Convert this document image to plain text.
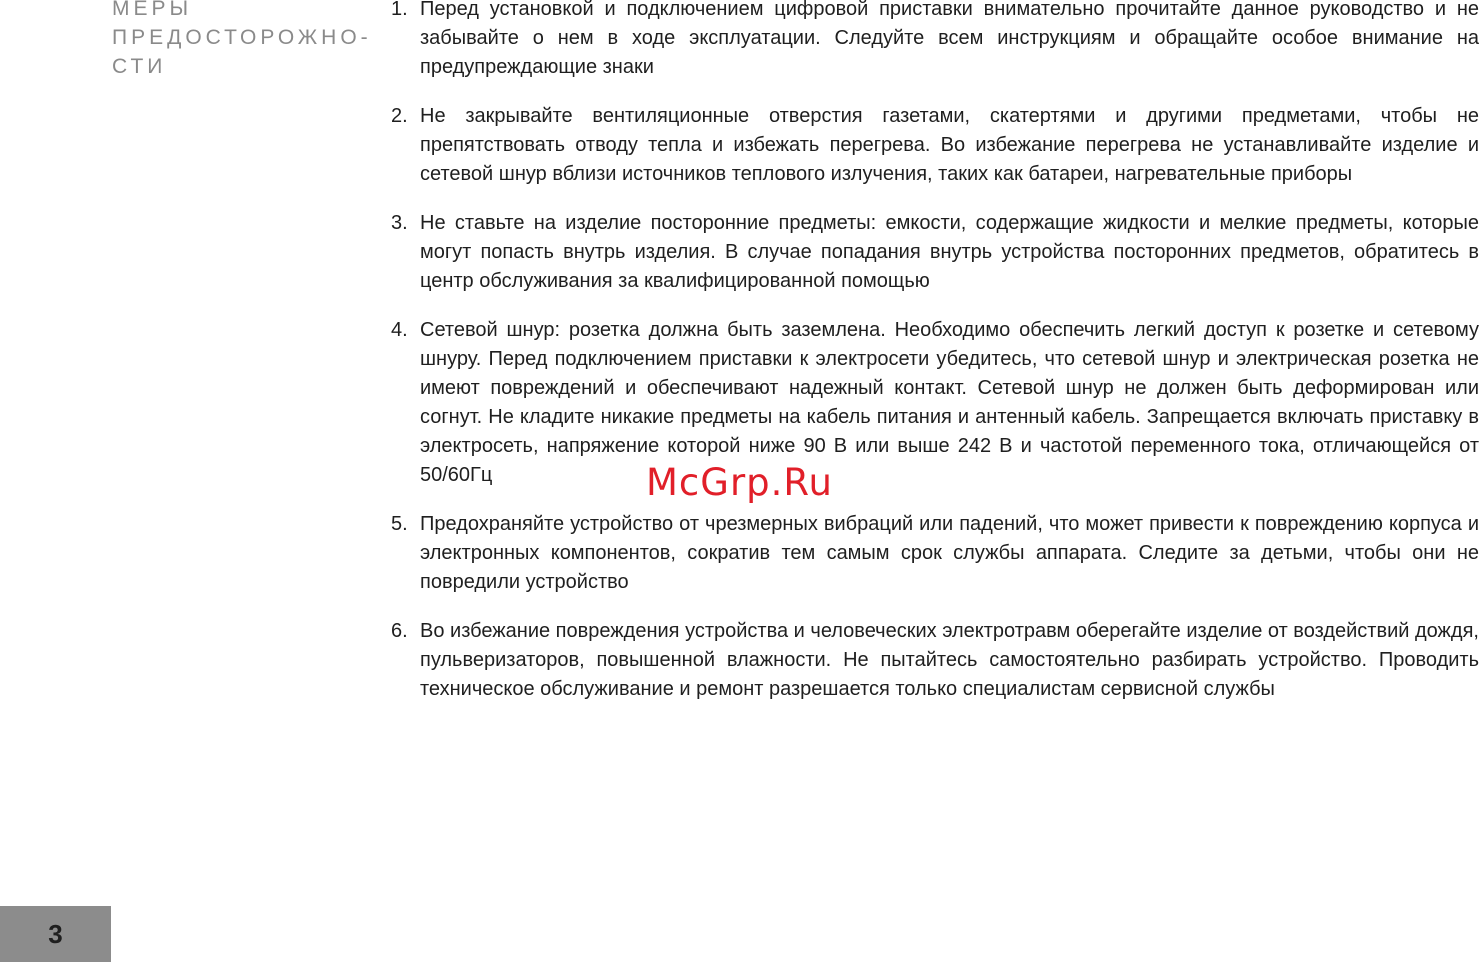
МЕРЫ
ПРЕДОСТОРОЖНО-
СТИ
1. Перед установкой и подключением цифровой приставки внимательно прочитайте данное руководство и не забывайте о нем в ходе эксплуатации. Следуйте всем инструкциям и обращайте особое внимание на предупреждающие знаки
2. Не закрывайте вентиляционные отверстия газетами, скатертями и другими предметами, чтобы не препятствовать отводу тепла и избежать перегрева. Во избежание перегрева не устанавливайте изделие и сетевой шнур вблизи источников теплового излучения, таких как батареи, нагревательные приборы
3. Не ставьте на изделие посторонние предметы: емкости, содержащие жидкости и мелкие предметы, которые могут попасть внутрь изделия. В случае попадания внутрь устройства посторонних предметов, обратитесь в центр обслуживания за квалифицированной помощью
4. Сетевой шнур: розетка должна быть заземлена. Необходимо обеспечить легкий доступ к розетке и сетевому шнуру. Перед подключением приставки к электросети убедитесь, что сетевой шнур и электрическая розетка не имеют повреждений и обеспечивают надежный контакт. Сетевой шнур не должен быть деформирован или согнут. Не кладите никакие предметы на кабель питания и антенный кабель. Запрещается включать приставку в электросеть, напряжение которой ниже 90 В или выше 242 В и частотой переменного тока, отличающейся от 50/60Гц
5. Предохраняйте устройство от чрезмерных вибраций или падений, что может привести к повреждению корпуса и электронных компонентов, сократив тем самым срок службы аппарата. Следите за детьми, чтобы они не повредили устройство
6. Во избежание повреждения устройства и человеческих электротравм оберегайте изделие от воздействий дождя, пульверизаторов, повышенной влажности. Не пытайтесь самостоятельно разбирать устройство. Проводить техническое обслуживание и ремонт разрешается только специалистам сервисной службы
McGrp.Ru
3
